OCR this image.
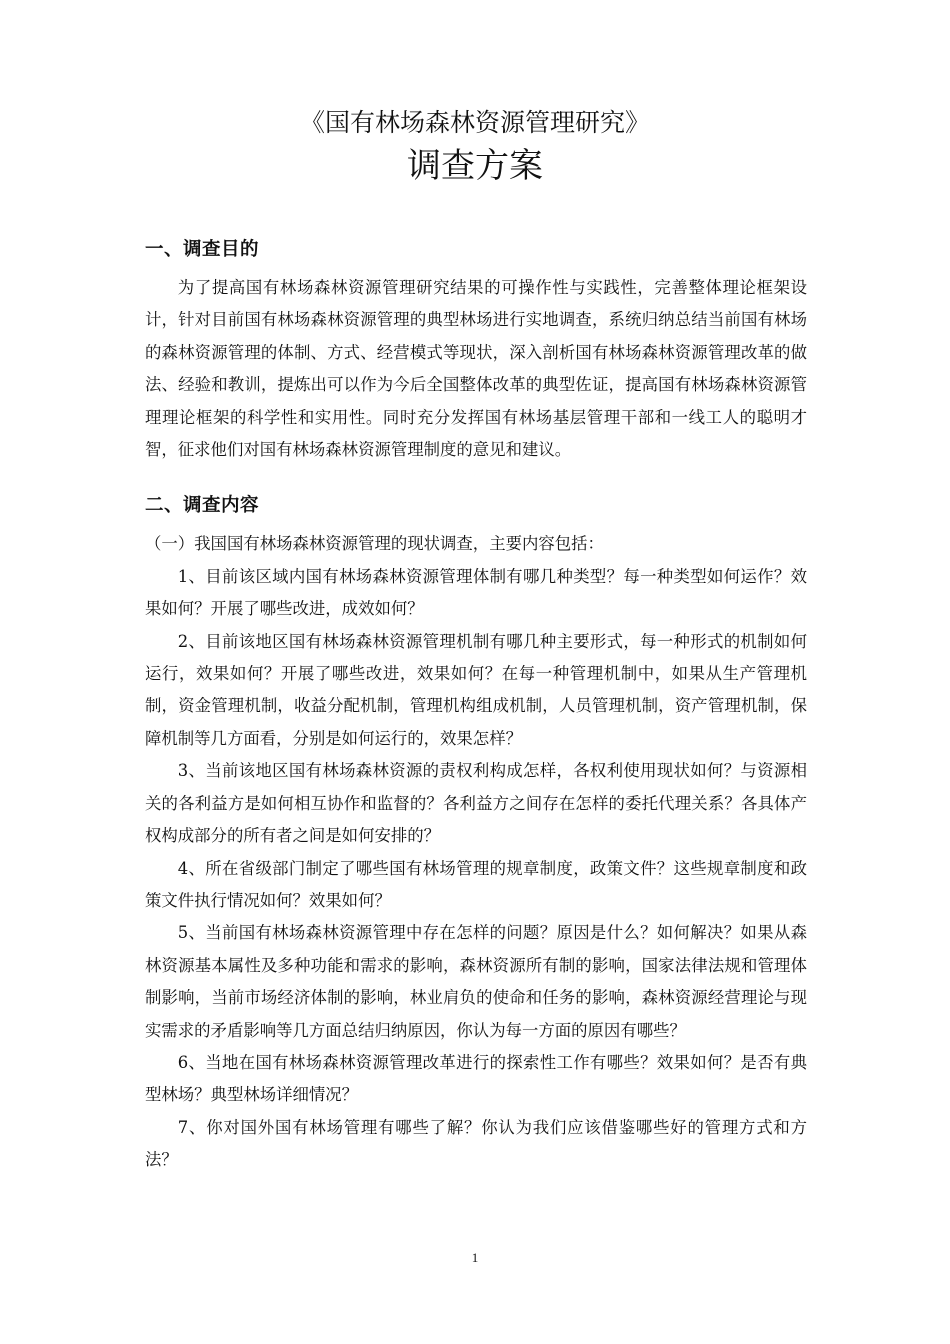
《国有林场森林资源管理研究》
调查方案
一、调查目的

为了提高国有林场森林资源管理研究结果的可操作性与实践性，完善整体理论框架设计，针对目前国有林场森林资源管理的典型林场进行实地调查，系统归纳总结当前国有林场的森林资源管理的体制、方式、经营模式等现状，深入剖析国有林场森林资源管理改革的做法、经验和教训，提炼出可以作为今后全国整体改革的典型佐证，提高国有林场森林资源管理理论框架的科学性和实用性。同时充分发挥国有林场基层管理干部和一线工人的聪明才智，征求他们对国有林场森林资源管理制度的意见和建议。

二、调查内容

（一）我国国有林场森林资源管理的现状调查，主要内容包括：

1、目前该区域内国有林场森林资源管理体制有哪几种类型？每一种类型如何运作？效果如何？开展了哪些改进，成效如何？

2、目前该地区国有林场森林资源管理机制有哪几种主要形式，每一种形式的机制如何运行，效果如何？开展了哪些改进，效果如何？在每一种管理机制中，如果从生产管理机制，资金管理机制，收益分配机制，管理机构组成机制，人员管理机制，资产管理机制，保障机制等几方面看，分别是如何运行的，效果怎样？

3、当前该地区国有林场森林资源的责权利构成怎样，各权利使用现状如何？与资源相关的各利益方是如何相互协作和监督的？各利益方之间存在怎样的委托代理关系？各具体产权构成部分的所有者之间是如何安排的？

4、所在省级部门制定了哪些国有林场管理的规章制度，政策文件？这些规章制度和政策文件执行情况如何？效果如何？

5、当前国有林场森林资源管理中存在怎样的问题？原因是什么？如何解决？如果从森林资源基本属性及多种功能和需求的影响，森林资源所有制的影响，国家法律法规和管理体制影响，当前市场经济体制的影响，林业肩负的使命和任务的影响，森林资源经营理论与现实需求的矛盾影响等几方面总结归纳原因，你认为每一方面的原因有哪些？

6、当地在国有林场森林资源管理改革进行的探索性工作有哪些？效果如何？是否有典型林场？典型林场详细情况？

7、你对国外国有林场管理有哪些了解？你认为我们应该借鉴哪些好的管理方式和方法？

1
